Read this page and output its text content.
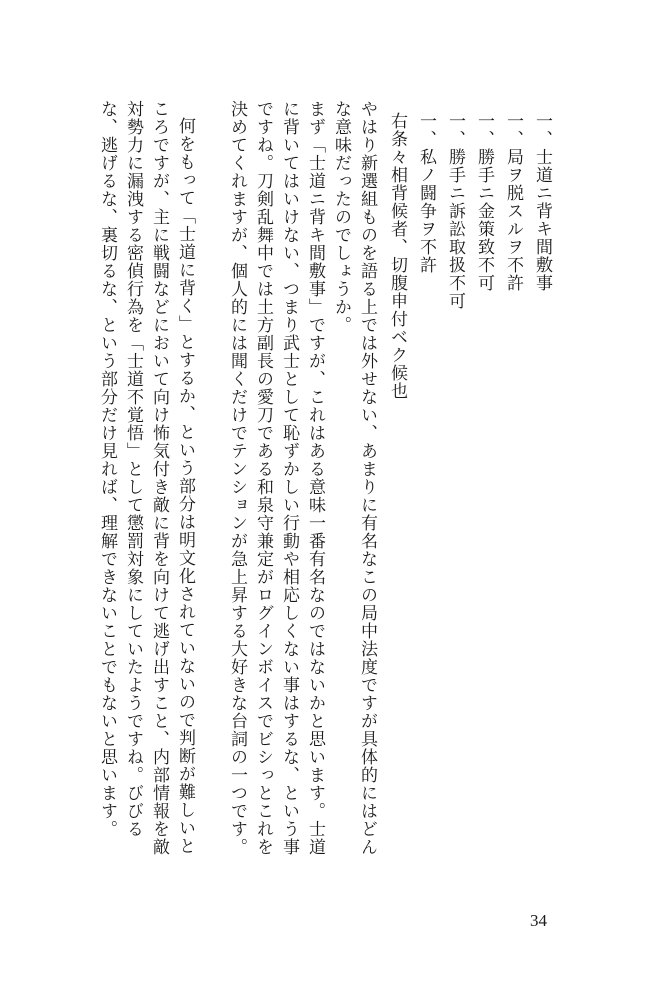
一、士道ニ背キ間敷事
一、局ヲ脱スルヲ不許
一、勝手ニ金策致不可
一、勝手ニ訴訟取扱不可
一、私ノ闘争ヲ不許
右条々相背候者、切腹申付ベク候也

やはり新選組ものを語る上では外せない、あまりに有名なこの局中法度ですが具体的にはどんな意味だったのでしょうか。

まず「士道ニ背キ間敷事」ですが、これはある意味一番有名なのではないかと思います。士道に背いてはいけない、つまり武士として恥ずかしい行動や相応しくない事はするな、という事ですね。刀剣乱舞中では土方副長の愛刀である和泉守兼定がログインボイスでビシっとこれを決めてくれますが、個人的には聞くだけでテンションが急上昇する大好きな台詞の一つです。

何をもって「士道に背く」とするか、という部分は明文化されていないので判断が難しいところですが、主に戦闘などにおいて向け怖気付き敵に背を向けて逃げ出すこと、内部情報を敵対勢力に漏洩する密偵行為を「士道不覚悟」として懲罰対象にしていたようですね。びびるな、逃げるな、裏切るな、という部分だけ見れば、理解できないことでもないと思います。

34
